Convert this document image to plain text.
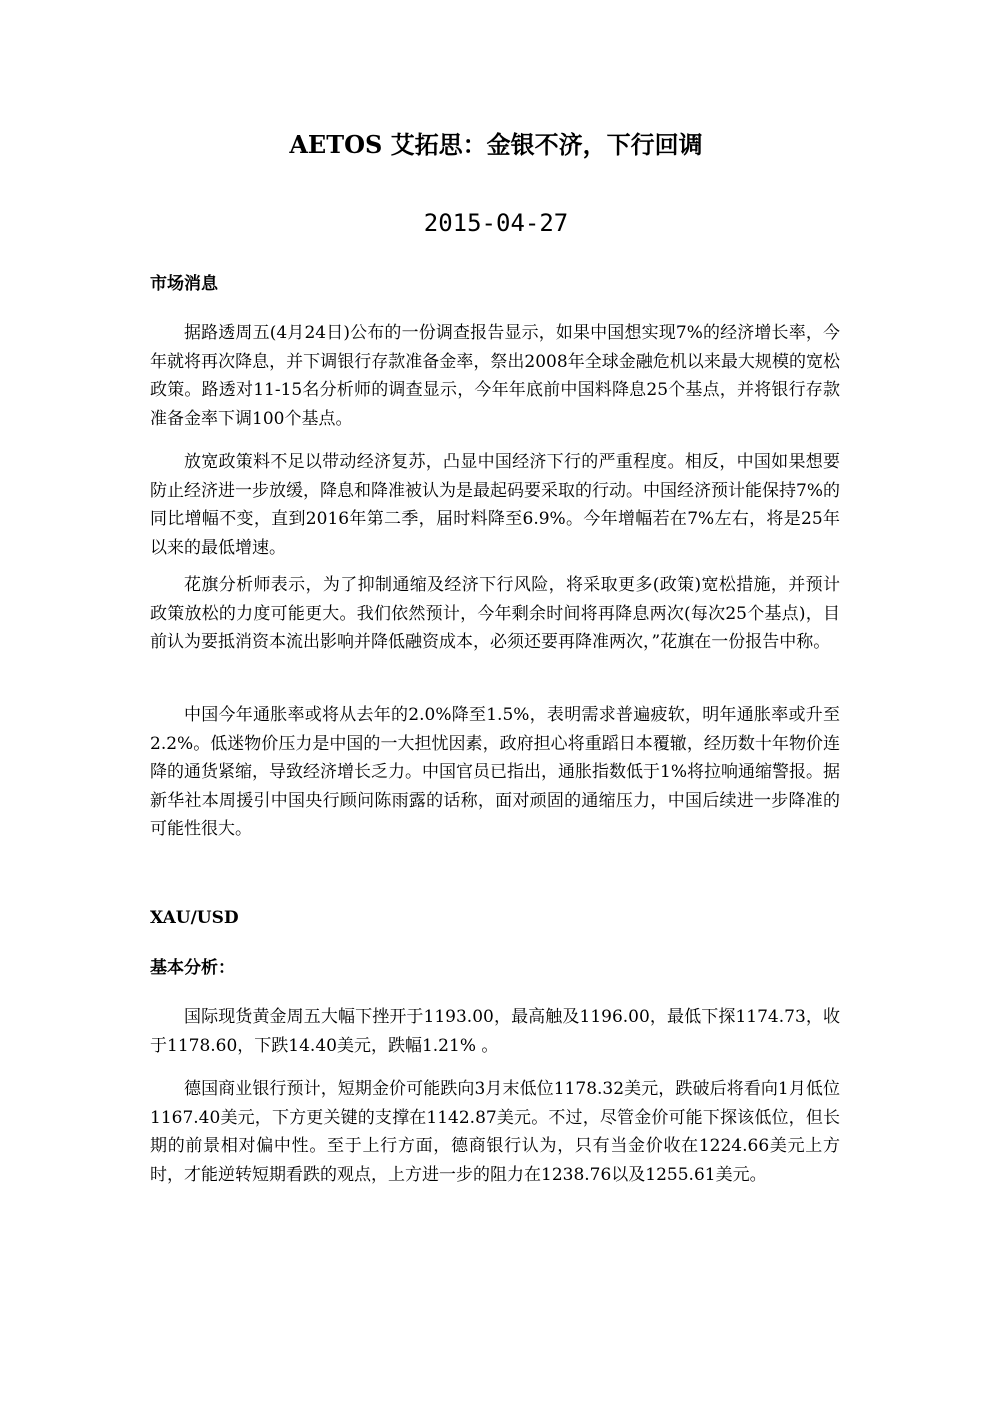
AETOS 艾拓思：金银不济，下行回调
2015-04-27
市场消息

据路透周五(4月24日)公布的一份调查报告显示，如果中国想实现7%的经济增长率，今年就将再次降息，并下调银行存款准备金率，祭出2008年全球金融危机以来最大规模的宽松政策。路透对11-15名分析师的调查显示，今年年底前中国料降息25个基点，并将银行存款准备金率下调100个基点。

放宽政策料不足以带动经济复苏，凸显中国经济下行的严重程度。相反，中国如果想要防止经济进一步放缓，降息和降准被认为是最起码要采取的行动。中国经济预计能保持7%的同比增幅不变，直到2016年第二季，届时料降至6.9%。今年增幅若在7%左右，将是25年以来的最低增速。

花旗分析师表示，为了抑制通缩及经济下行风险，将采取更多(政策)宽松措施，并预计政策放松的力度可能更大。我们依然预计，今年剩余时间将再降息两次(每次25个基点)，目前认为要抵消资本流出影响并降低融资成本，必须还要再降准两次，”花旗在一份报告中称。

中国今年通胀率或将从去年的2.0%降至1.5%，表明需求普遍疲软，明年通胀率或升至2.2%。低迷物价压力是中国的一大担忧因素，政府担心将重蹈日本覆辙，经历数十年物价连降的通货紧缩，导致经济增长乏力。中国官员已指出，通胀指数低于1%将拉响通缩警报。据新华社本周援引中国央行顾问陈雨露的话称，面对顽固的通缩压力，中国后续进一步降准的可能性很大。

XAU/USD
基本分析：

国际现货黄金周五大幅下挫开于1193.00，最高触及1196.00，最低下探1174.73，收于1178.60，下跌14.40美元，跌幅1.21% 。

德国商业银行预计，短期金价可能跌向3月末低位1178.32美元，跌破后将看向1月低位1167.40美元，下方更关键的支撑在1142.87美元。不过，尽管金价可能下探该低位，但长期的前景相对偏中性。至于上行方面，德商银行认为，只有当金价收在1224.66美元上方时，才能逆转短期看跌的观点，上方进一步的阻力在1238.76以及1255.61美元。
